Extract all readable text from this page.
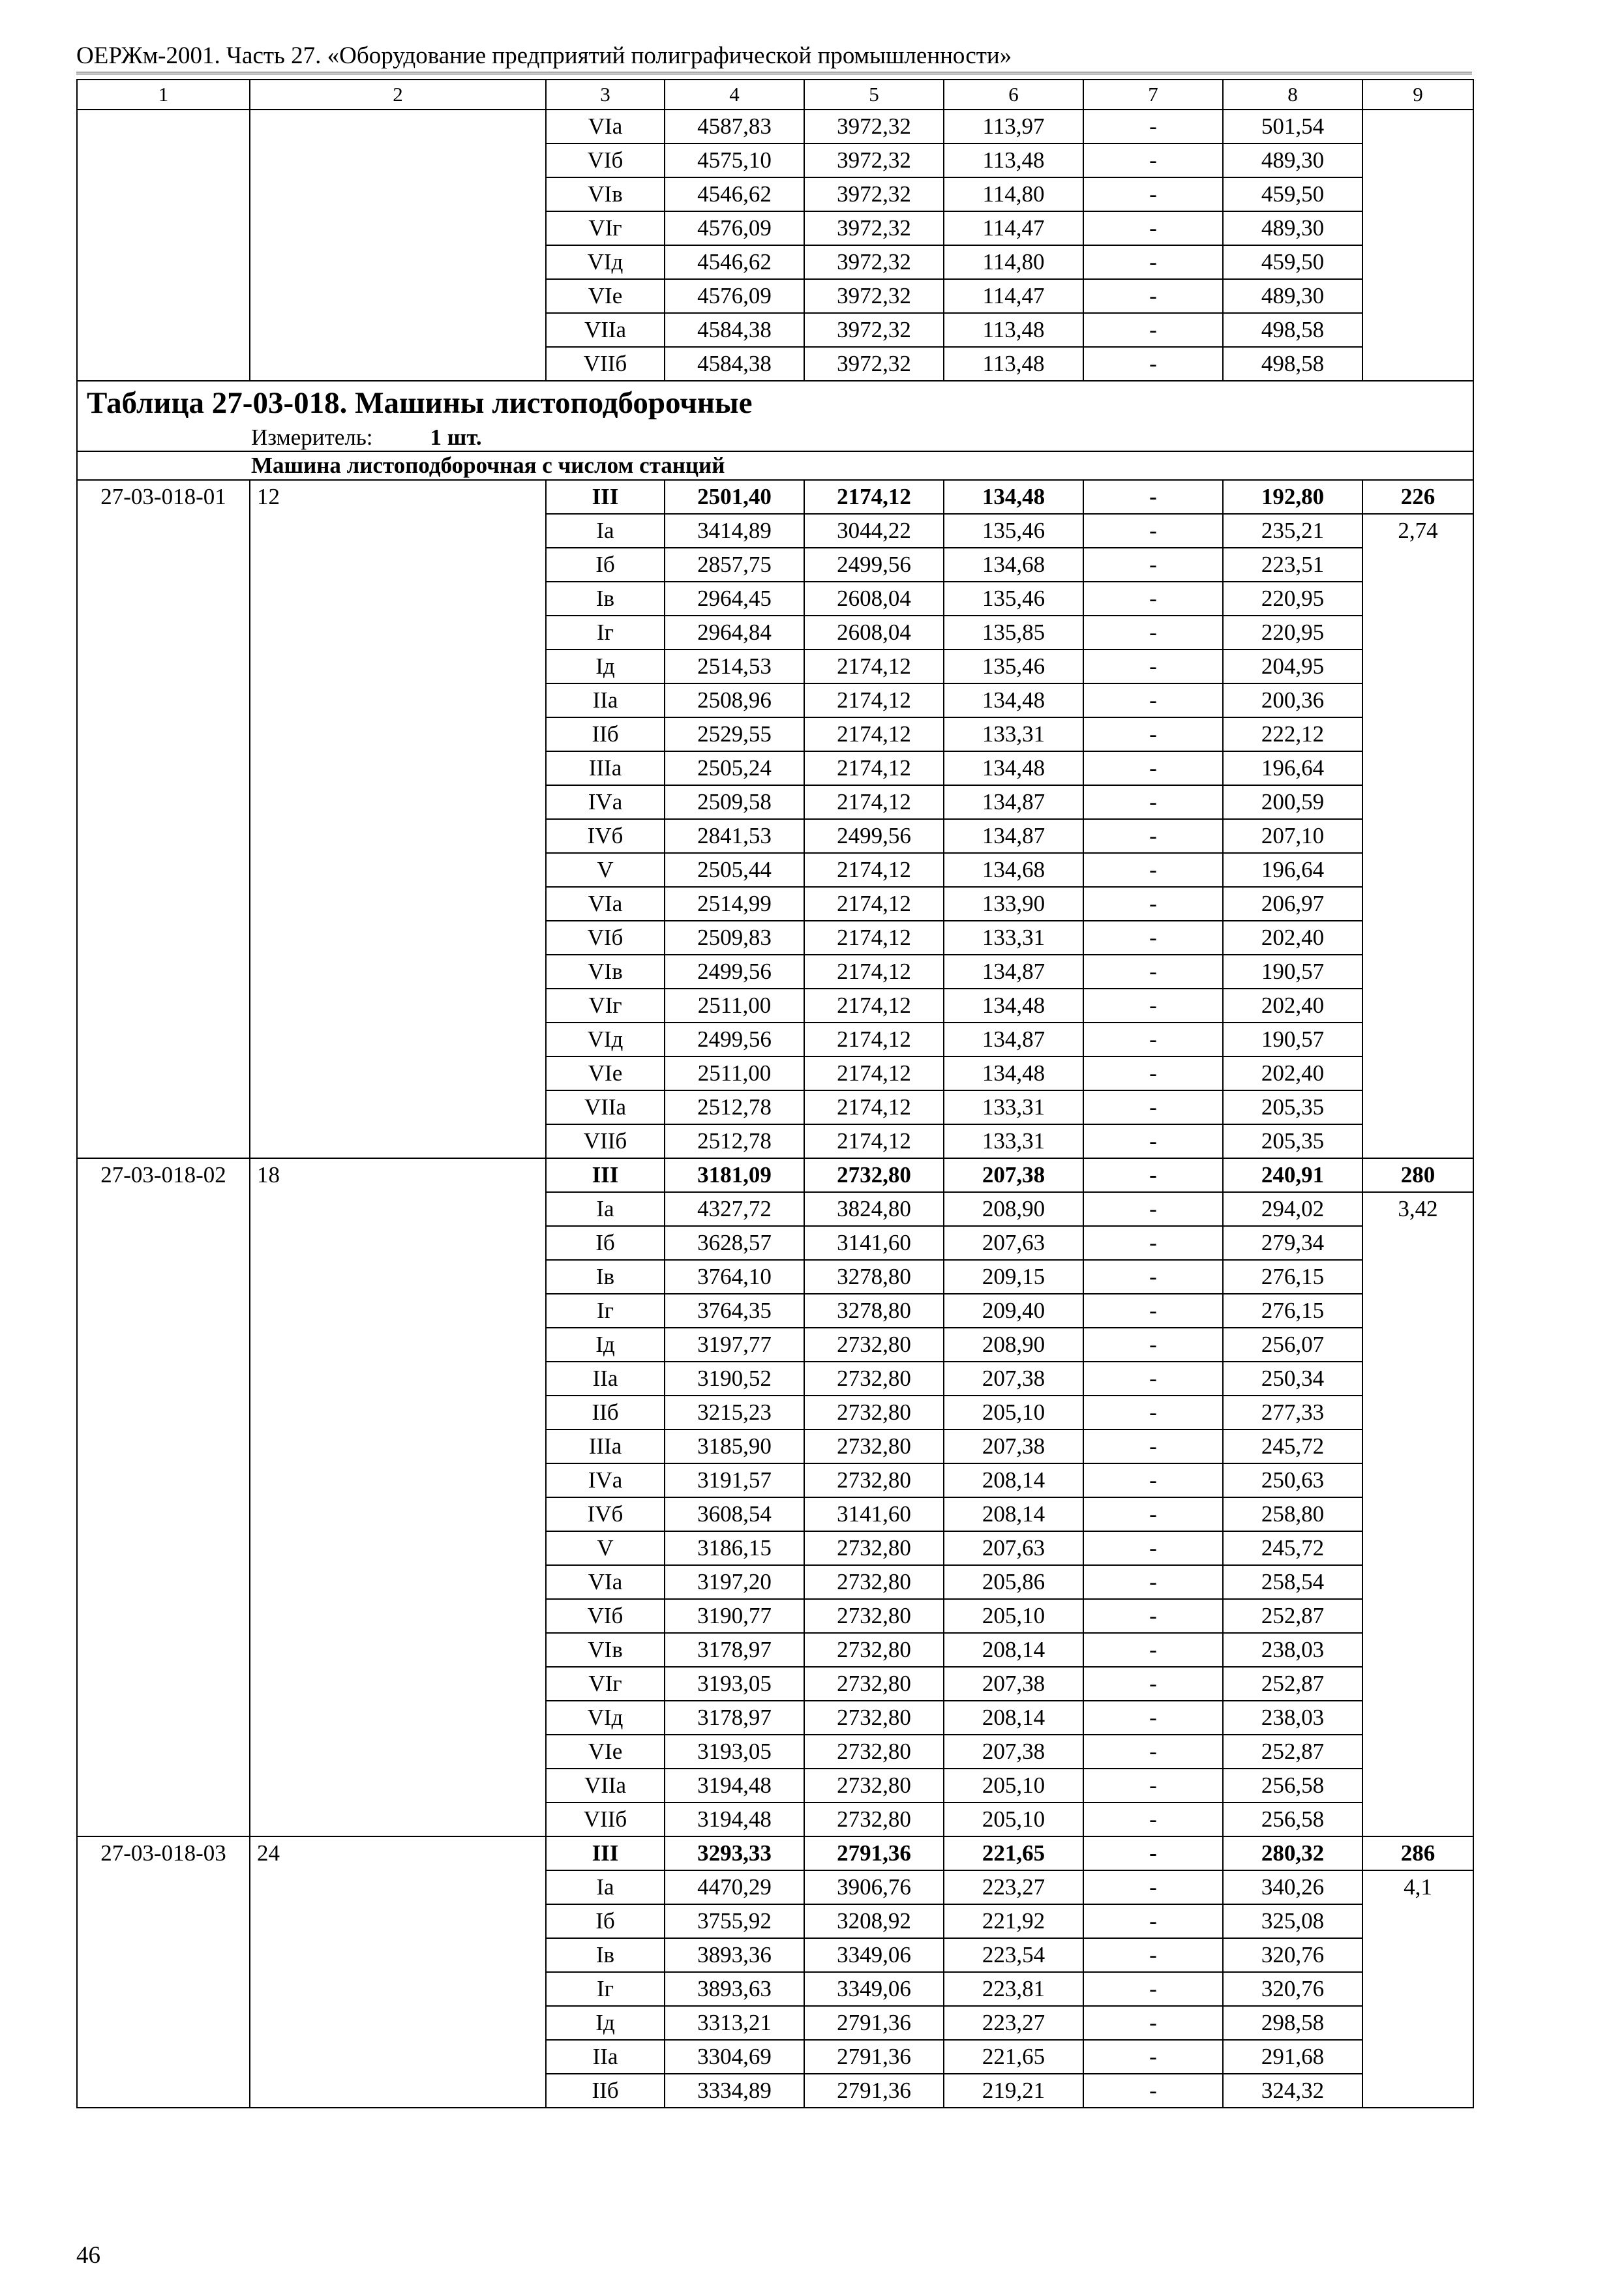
ОЕРЖм-2001. Часть 27. «Оборудование предприятий полиграфической промышленности»
1	2	3	4	5	6	7	8	9
		VIа	4587,83	3972,32	113,97	-	501,54	
		VIб	4575,10	3972,32	113,48	-	489,30	
		VIв	4546,62	3972,32	114,80	-	459,50	
		VIг	4576,09	3972,32	114,47	-	489,30	
		VIд	4546,62	3972,32	114,80	-	459,50	
		VIе	4576,09	3972,32	114,47	-	489,30	
		VIIа	4584,38	3972,32	113,48	-	498,58	
		VIIб	4584,38	3972,32	113,48	-	498,58	
Таблица 27-03-018. Машины листоподборочные								
Измеритель: 1 шт.								
Машина листоподборочная с числом станций								
27-03-018-01	12	III	2501,40	2174,12	134,48	-	192,80	226
		Iа	3414,89	3044,22	135,46	-	235,21	2,74
		Iб	2857,75	2499,56	134,68	-	223,51	
		Iв	2964,45	2608,04	135,46	-	220,95	
		Iг	2964,84	2608,04	135,85	-	220,95	
		Iд	2514,53	2174,12	135,46	-	204,95	
		IIа	2508,96	2174,12	134,48	-	200,36	
		IIб	2529,55	2174,12	133,31	-	222,12	
		IIIа	2505,24	2174,12	134,48	-	196,64	
		IVа	2509,58	2174,12	134,87	-	200,59	
		IVб	2841,53	2499,56	134,87	-	207,10	
		V	2505,44	2174,12	134,68	-	196,64	
		VIа	2514,99	2174,12	133,90	-	206,97	
		VIб	2509,83	2174,12	133,31	-	202,40	
		VIв	2499,56	2174,12	134,87	-	190,57	
		VIг	2511,00	2174,12	134,48	-	202,40	
		VIд	2499,56	2174,12	134,87	-	190,57	
		VIе	2511,00	2174,12	134,48	-	202,40	
		VIIа	2512,78	2174,12	133,31	-	205,35	
		VIIб	2512,78	2174,12	133,31	-	205,35	
27-03-018-02	18	III	3181,09	2732,80	207,38	-	240,91	280
		Iа	4327,72	3824,80	208,90	-	294,02	3,42
		Iб	3628,57	3141,60	207,63	-	279,34	
		Iв	3764,10	3278,80	209,15	-	276,15	
		Iг	3764,35	3278,80	209,40	-	276,15	
		Iд	3197,77	2732,80	208,90	-	256,07	
		IIа	3190,52	2732,80	207,38	-	250,34	
		IIб	3215,23	2732,80	205,10	-	277,33	
		IIIа	3185,90	2732,80	207,38	-	245,72	
		IVа	3191,57	2732,80	208,14	-	250,63	
		IVб	3608,54	3141,60	208,14	-	258,80	
		V	3186,15	2732,80	207,63	-	245,72	
		VIа	3197,20	2732,80	205,86	-	258,54	
		VIб	3190,77	2732,80	205,10	-	252,87	
		VIв	3178,97	2732,80	208,14	-	238,03	
		VIг	3193,05	2732,80	207,38	-	252,87	
		VIд	3178,97	2732,80	208,14	-	238,03	
		VIе	3193,05	2732,80	207,38	-	252,87	
		VIIа	3194,48	2732,80	205,10	-	256,58	
		VIIб	3194,48	2732,80	205,10	-	256,58	
27-03-018-03	24	III	3293,33	2791,36	221,65	-	280,32	286
		Iа	4470,29	3906,76	223,27	-	340,26	4,1
		Iб	3755,92	3208,92	221,92	-	325,08	
		Iв	3893,36	3349,06	223,54	-	320,76	
		Iг	3893,63	3349,06	223,81	-	320,76	
		Iд	3313,21	2791,36	223,27	-	298,58	
		IIа	3304,69	2791,36	221,65	-	291,68	
		IIб	3334,89	2791,36	219,21	-	324,32	
46
